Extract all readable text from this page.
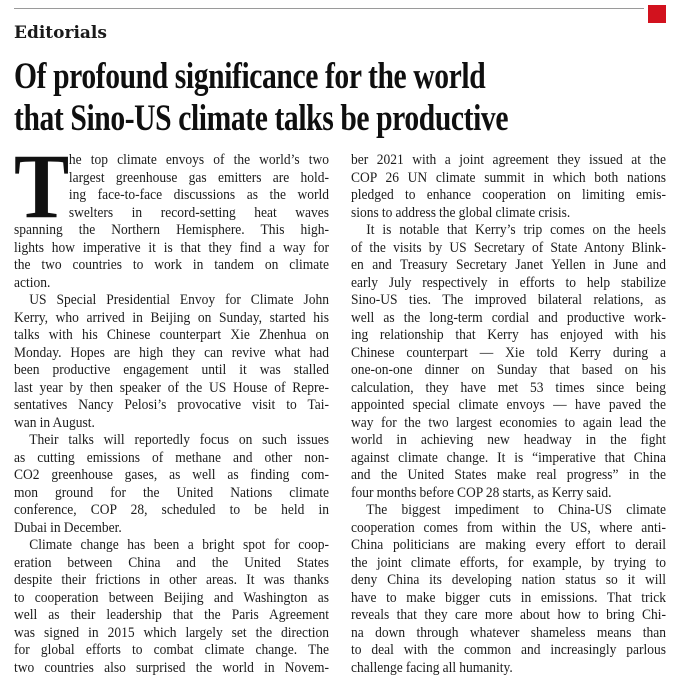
Editorials
Of profound significance for the world
that Sino-US climate talks be productive
T he top climate envoys of the world’s two
largest greenhouse gas emitters are hold-
ing face-to-face discussions as the world
swelters in record-setting heat waves
spanning the Northern Hemisphere. This high-
lights how imperative it is that they find a way for
the two countries to work in tandem on climate
action.
US Special Presidential Envoy for Climate John
Kerry, who arrived in Beijing on Sunday, started his
talks with his Chinese counterpart Xie Zhenhua on
Monday. Hopes are high they can revive what had
been productive engagement until it was stalled
last year by then speaker of the US House of Repre-
sentatives Nancy Pelosi’s provocative visit to Tai-
wan in August.
Their talks will reportedly focus on such issues
as cutting emissions of methane and other non-
CO2 greenhouse gases, as well as finding com-
mon ground for the United Nations climate
conference, COP 28, scheduled to be held in
Dubai in December.
Climate change has been a bright spot for coop-
eration between China and the United States
despite their frictions in other areas. It was thanks
to cooperation between Beijing and Washington as
well as their leadership that the Paris Agreement
was signed in 2015 which largely set the direction
for global efforts to combat climate change. The
two countries also surprised the world in Novem-
ber 2021 with a joint agreement they issued at the
COP 26 UN climate summit in which both nations
pledged to enhance cooperation on limiting emis-
sions to address the global climate crisis.
It is notable that Kerry’s trip comes on the heels
of the visits by US Secretary of State Antony Blink-
en and Treasury Secretary Janet Yellen in June and
early July respectively in efforts to help stabilize
Sino-US ties. The improved bilateral relations, as
well as the long-term cordial and productive work-
ing relationship that Kerry has enjoyed with his
Chinese counterpart — Xie told Kerry during a
one-on-one dinner on Sunday that based on his
calculation, they have met 53 times since being
appointed special climate envoys — have paved the
way for the two largest economies to again lead the
world in achieving new headway in the fight
against climate change. It is “imperative that China
and the United States make real progress” in the
four months before COP 28 starts, as Kerry said.
The biggest impediment to China-US climate
cooperation comes from within the US, where anti-
China politicians are making every effort to derail
the joint climate efforts, for example, by trying to
deny China its developing nation status so it will
have to make bigger cuts in emissions. That trick
reveals that they care more about how to bring Chi-
na down through whatever shameless means than
to deal with the common and increasingly parlous
challenge facing all humanity.
